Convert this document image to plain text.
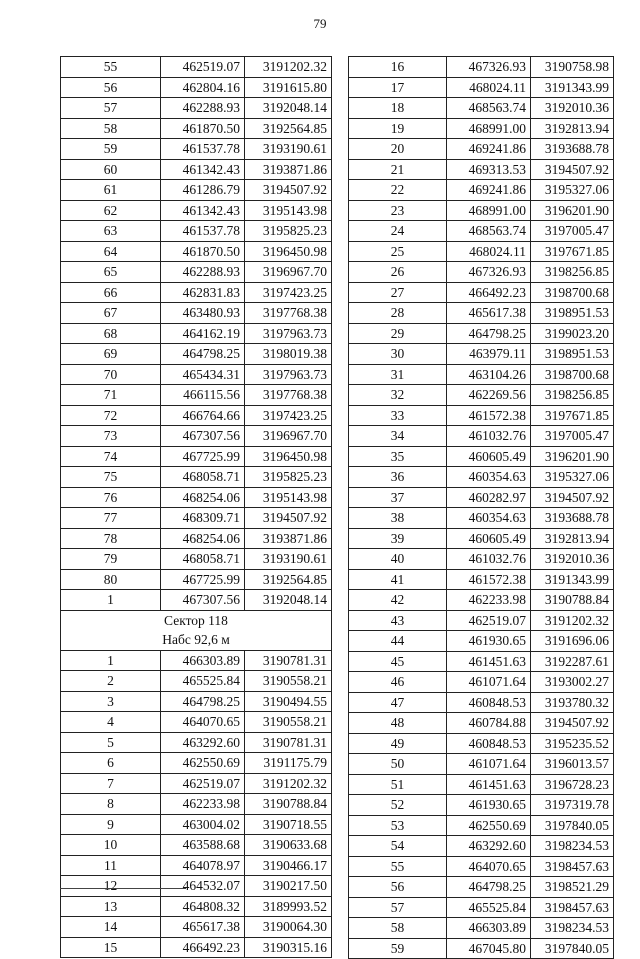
79
55	462519.07	3191202.32
56	462804.16	3191615.80
57	462288.93	3192048.14
58	461870.50	3192564.85
59	461537.78	3193190.61
60	461342.43	3193871.86
61	461286.79	3194507.92
62	461342.43	3195143.98
63	461537.78	3195825.23
64	461870.50	3196450.98
65	462288.93	3196967.70
66	462831.83	3197423.25
67	463480.93	3197768.38
68	464162.19	3197963.73
69	464798.25	3198019.38
70	465434.31	3197963.73
71	466115.56	3197768.38
72	466764.66	3197423.25
73	467307.56	3196967.70
74	467725.99	3196450.98
75	468058.71	3195825.23
76	468254.06	3195143.98
77	468309.71	3194507.92
78	468254.06	3193871.86
79	468058.71	3193190.61
80	467725.99	3192564.85
1	467307.56	3192048.14
Сектор 118		
Набс 92,6 м		
1	466303.89	3190781.31
2	465525.84	3190558.21
3	464798.25	3190494.55
4	464070.65	3190558.21
5	463292.60	3190781.31
6	462550.69	3191175.79
7	462519.07	3191202.32
8	462233.98	3190788.84
9	463004.02	3190718.55
10	463588.68	3190633.68
11	464078.97	3190466.17
12	464532.07	3190217.50
13	464808.32	3189993.52
14	465617.38	3190064.30
15	466492.23	3190315.16
16	467326.93	3190758.98
17	468024.11	3191343.99
18	468563.74	3192010.36
19	468991.00	3192813.94
20	469241.86	3193688.78
21	469313.53	3194507.92
22	469241.86	3195327.06
23	468991.00	3196201.90
24	468563.74	3197005.47
25	468024.11	3197671.85
26	467326.93	3198256.85
27	466492.23	3198700.68
28	465617.38	3198951.53
29	464798.25	3199023.20
30	463979.11	3198951.53
31	463104.26	3198700.68
32	462269.56	3198256.85
33	461572.38	3197671.85
34	461032.76	3197005.47
35	460605.49	3196201.90
36	460354.63	3195327.06
37	460282.97	3194507.92
38	460354.63	3193688.78
39	460605.49	3192813.94
40	461032.76	3192010.36
41	461572.38	3191343.99
42	462233.98	3190788.84
43	462519.07	3191202.32
44	461930.65	3191696.06
45	461451.63	3192287.61
46	461071.64	3193002.27
47	460848.53	3193780.32
48	460784.88	3194507.92
49	460848.53	3195235.52
50	461071.64	3196013.57
51	461451.63	3196728.23
52	461930.65	3197319.78
53	462550.69	3197840.05
54	463292.60	3198234.53
55	464070.65	3198457.63
56	464798.25	3198521.29
57	465525.84	3198457.63
58	466303.89	3198234.53
59	467045.80	3197840.05
